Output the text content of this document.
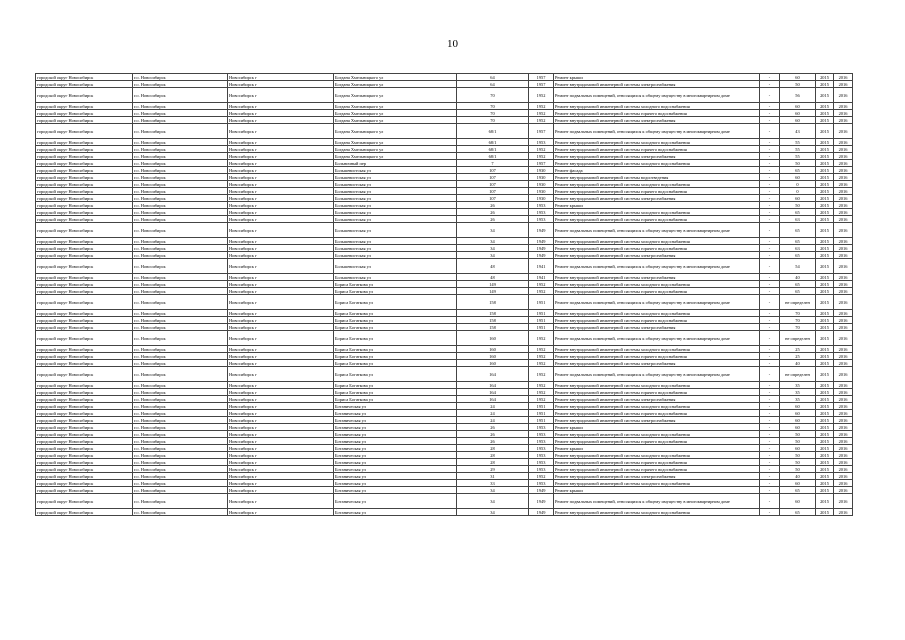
10
городской округ Новосибирск	г.о. Новосибирск	Новосибирск г	Богдана Хмельницкого ул	64	1957	Ремонт крыши	-	60	2015	2016
городской округ Новосибирск	г.о. Новосибирск	Новосибирск г	Богдана Хмельницкого ул	64	1957	Ремонт внутридомовой инженерной системы электроснабжения	-	50	2015	2016
городской округ Новосибирск	г.о. Новосибирск	Новосибирск г	Богдана Хмельницкого ул	70	1952	Ремонт подвальных помещений, относящихся к общему имуществу в многоквартирном доме	-	56	2015	2016
городской округ Новосибирск	г.о. Новосибирск	Новосибирск г	Богдана Хмельницкого ул	70	1952	Ремонт внутридомовой инженерной системы холодного водоснабжения	-	60	2015	2016
городской округ Новосибирск	г.о. Новосибирск	Новосибирск г	Богдана Хмельницкого ул	70	1952	Ремонт внутридомовой инженерной системы горячего водоснабжения	-	60	2015	2016
городской округ Новосибирск	г.о. Новосибирск	Новосибирск г	Богдана Хмельницкого ул	70	1952	Ремонт внутридомовой инженерной системы электроснабжения	-	60	2015	2016
городской округ Новосибирск	г.о. Новосибирск	Новосибирск г	Богдана Хмельницкого ул	68/1	1957	Ремонт подвальных помещений, относящихся к общему имуществу в многоквартирном доме	-	43	2015	2016
городской округ Новосибирск	г.о. Новосибирск	Новосибирск г	Богдана Хмельницкого ул	68/1	1953	Ремонт внутридомовой инженерной системы холодного водоснабжения	-	55	2015	2016
городской округ Новосибирск	г.о. Новосибирск	Новосибирск г	Богдана Хмельницкого ул	68/1	1952	Ремонт внутридомовой инженерной системы горячего водоснабжения	-	55	2015	2016
городской округ Новосибирск	г.о. Новосибирск	Новосибирск г	Богдана Хмельницкого ул	68/1	1952	Ремонт внутридомовой инженерной системы электроснабжения	-	55	2015	2016
городской округ Новосибирск	г.о. Новосибирск	Новосибирск г	Больничный пер	7	1957	Ремонт внутридомовой инженерной системы холодного водоснабжения	-	50	2015	2016
городской округ Новосибирск	г.о. Новосибирск	Новосибирск г	Большевистская ул	107	1930	Ремонт фасада	-	65	2015	2016
городской округ Новосибирск	г.о. Новосибирск	Новосибирск г	Большевистская ул	107	1930	Ремонт внутридомовой инженерной системы водоотведения	-	60	2015	2016
городской округ Новосибирск	г.о. Новосибирск	Новосибирск г	Большевистская ул	107	1930	Ремонт внутридомовой инженерной системы холодного водоснабжения	-	0	2015	2016
городской округ Новосибирск	г.о. Новосибирск	Новосибирск г	Большевистская ул	107	1930	Ремонт внутридомовой инженерной системы горячего водоснабжения	-	0	2015	2016
городской округ Новосибирск	г.о. Новосибирск	Новосибирск г	Большевистская ул	107	1930	Ремонт внутридомовой инженерной системы электроснабжения	-	60	2015	2016
городской округ Новосибирск	г.о. Новосибирск	Новосибирск г	Большевистская ул	26	1953	Ремонт крыши	-	50	2015	2016
городской округ Новосибирск	г.о. Новосибирск	Новосибирск г	Большевистская ул	26	1953	Ремонт внутридомовой инженерной системы холодного водоснабжения	-	65	2015	2016
городской округ Новосибирск	г.о. Новосибирск	Новосибирск г	Большевистская ул	26	1953	Ремонт внутридомовой инженерной системы горячего водоснабжения	-	63	2015	2016
городской округ Новосибирск	г.о. Новосибирск	Новосибирск г	Большевистская ул	34	1949	Ремонт подвальных помещений, относящихся к общему имуществу в многоквартирном доме	-	65	2015	2016
городской округ Новосибирск	г.о. Новосибирск	Новосибирск г	Большевистская ул	34	1949	Ремонт внутридомовой инженерной системы холодного водоснабжения	-	65	2015	2016
городской округ Новосибирск	г.о. Новосибирск	Новосибирск г	Большевистская ул	34	1949	Ремонт внутридомовой инженерной системы горячего водоснабжения	-	63	2015	2016
городской округ Новосибирск	г.о. Новосибирск	Новосибирск г	Большевистская ул	34	1949	Ремонт внутридомовой инженерной системы электроснабжения	-	65	2015	2016
городской округ Новосибирск	г.о. Новосибирск	Новосибирск г	Большевистская ул	48	1941	Ремонт подвальных помещений, относящихся к общему имуществу в многоквартирном доме	-	54	2015	2016
городской округ Новосибирск	г.о. Новосибирск	Новосибирск г	Большевистская ул	48	1941	Ремонт внутридомовой инженерной системы электроснабжения	-	40	2015	2016
городской округ Новосибирск	г.о. Новосибирск	Новосибирск г	Бориса Богаткова ул	149	1952	Ремонт внутридомовой инженерной системы холодного водоснабжения	-	65	2015	2016
городской округ Новосибирск	г.о. Новосибирск	Новосибирск г	Бориса Богаткова ул	149	1952	Ремонт внутридомовой инженерной системы горячего водоснабжения	-	65	2015	2016
городской округ Новосибирск	г.о. Новосибирск	Новосибирск г	Бориса Богаткова ул	158	1951	Ремонт подвальных помещений, относящихся к общему имуществу в многоквартирном доме	-	не определен	2015	2016
городской округ Новосибирск	г.о. Новосибирск	Новосибирск г	Бориса Богаткова ул	158	1951	Ремонт внутридомовой инженерной системы холодного водоснабжения	-	70	2015	2016
городской округ Новосибирск	г.о. Новосибирск	Новосибирск г	Бориса Богаткова ул	158	1951	Ремонт внутридомовой инженерной системы горячего водоснабжения	-	70	2015	2016
городской округ Новосибирск	г.о. Новосибирск	Новосибирск г	Бориса Богаткова ул	158	1951	Ремонт внутридомовой инженерной системы электроснабжения	-	70	2015	2016
городской округ Новосибирск	г.о. Новосибирск	Новосибирск г	Бориса Богаткова ул	160	1952	Ремонт подвальных помещений, относящихся к общему имуществу в многоквартирном доме	-	не определен	2015	2016
городской округ Новосибирск	г.о. Новосибирск	Новосибирск г	Бориса Богаткова ул	160	1952	Ремонт внутридомовой инженерной системы холодного водоснабжения	-	25	2015	2016
городской округ Новосибирск	г.о. Новосибирск	Новосибирск г	Бориса Богаткова ул	160	1952	Ремонт внутридомовой инженерной системы горячего водоснабжения	-	25	2015	2016
городской округ Новосибирск	г.о. Новосибирск	Новосибирск г	Бориса Богаткова ул	160	1952	Ремонт внутридомовой инженерной системы электроснабжения	-	40	2015	2016
городской округ Новосибирск	г.о. Новосибирск	Новосибирск г	Бориса Богаткова ул	164	1952	Ремонт подвальных помещений, относящихся к общему имуществу в многоквартирном доме	-	не определен	2015	2016
городской округ Новосибирск	г.о. Новосибирск	Новосибирск г	Бориса Богаткова ул	164	1952	Ремонт внутридомовой инженерной системы холодного водоснабжения	-	35	2015	2016
городской округ Новосибирск	г.о. Новосибирск	Новосибирск г	Бориса Богаткова ул	164	1952	Ремонт внутридомовой инженерной системы горячего водоснабжения	-	35	2015	2016
городской округ Новосибирск	г.о. Новосибирск	Новосибирск г	Бориса Богаткова ул	164	1952	Ремонт внутридомовой инженерной системы электроснабжения	-	35	2015	2016
городской округ Новосибирск	г.о. Новосибирск	Новосибирск г	Ботаническая ул	24	1951	Ремонт внутридомовой инженерной системы холодного водоснабжения	-	60	2015	2016
городской округ Новосибирск	г.о. Новосибирск	Новосибирск г	Ботаническая ул	24	1951	Ремонт внутридомовой инженерной системы горячего водоснабжения	-	60	2015	2016
городской округ Новосибирск	г.о. Новосибирск	Новосибирск г	Ботаническая ул	24	1951	Ремонт внутридомовой инженерной системы электроснабжения	-	60	2015	2016
городской округ Новосибирск	г.о. Новосибирск	Новосибирск г	Ботаническая ул	26	1953	Ремонт крыши	-	60	2015	2016
городской округ Новосибирск	г.о. Новосибирск	Новосибирск г	Ботаническая ул	26	1953	Ремонт внутридомовой инженерной системы холодного водоснабжения	-	50	2015	2016
городской округ Новосибирск	г.о. Новосибирск	Новосибирск г	Ботаническая ул	26	1953	Ремонт внутридомовой инженерной системы горячего водоснабжения	-	50	2015	2016
городской округ Новосибирск	г.о. Новосибирск	Новосибирск г	Ботаническая ул	28	1953	Ремонт крыши	-	60	2015	2016
городской округ Новосибирск	г.о. Новосибирск	Новосибирск г	Ботаническая ул	28	1953	Ремонт внутридомовой инженерной системы холодного водоснабжения	-	50	2015	2016
городской округ Новосибирск	г.о. Новосибирск	Новосибирск г	Ботаническая ул	28	1953	Ремонт внутридомовой инженерной системы горячего водоснабжения	-	50	2015	2016
городской округ Новосибирск	г.о. Новосибирск	Новосибирск г	Ботаническая ул	29	1953	Ремонт внутридомовой инженерной системы горячего водоснабжения	-	50	2015	2016
городской округ Новосибирск	г.о. Новосибирск	Новосибирск г	Ботаническая ул	31	1952	Ремонт внутридомовой инженерной системы электроснабжения	-	40	2015	2016
городской округ Новосибирск	г.о. Новосибирск	Новосибирск г	Ботаническая ул	33	1953	Ремонт внутридомовой инженерной системы холодного водоснабжения	-	60	2015	2016
городской округ Новосибирск	г.о. Новосибирск	Новосибирск г	Ботаническая ул	34	1949	Ремонт крыши	-	65	2015	2016
городской округ Новосибирск	г.о. Новосибирск	Новосибирск г	Ботаническая ул	34	1949	Ремонт подвальных помещений, относящихся к общему имуществу в многоквартирном доме	-	60	2015	2016
городской округ Новосибирск	г.о. Новосибирск	Новосибирск г	Ботаническая ул	34	1949	Ремонт внутридомовой инженерной системы холодного водоснабжения	-	65	2015	2016
